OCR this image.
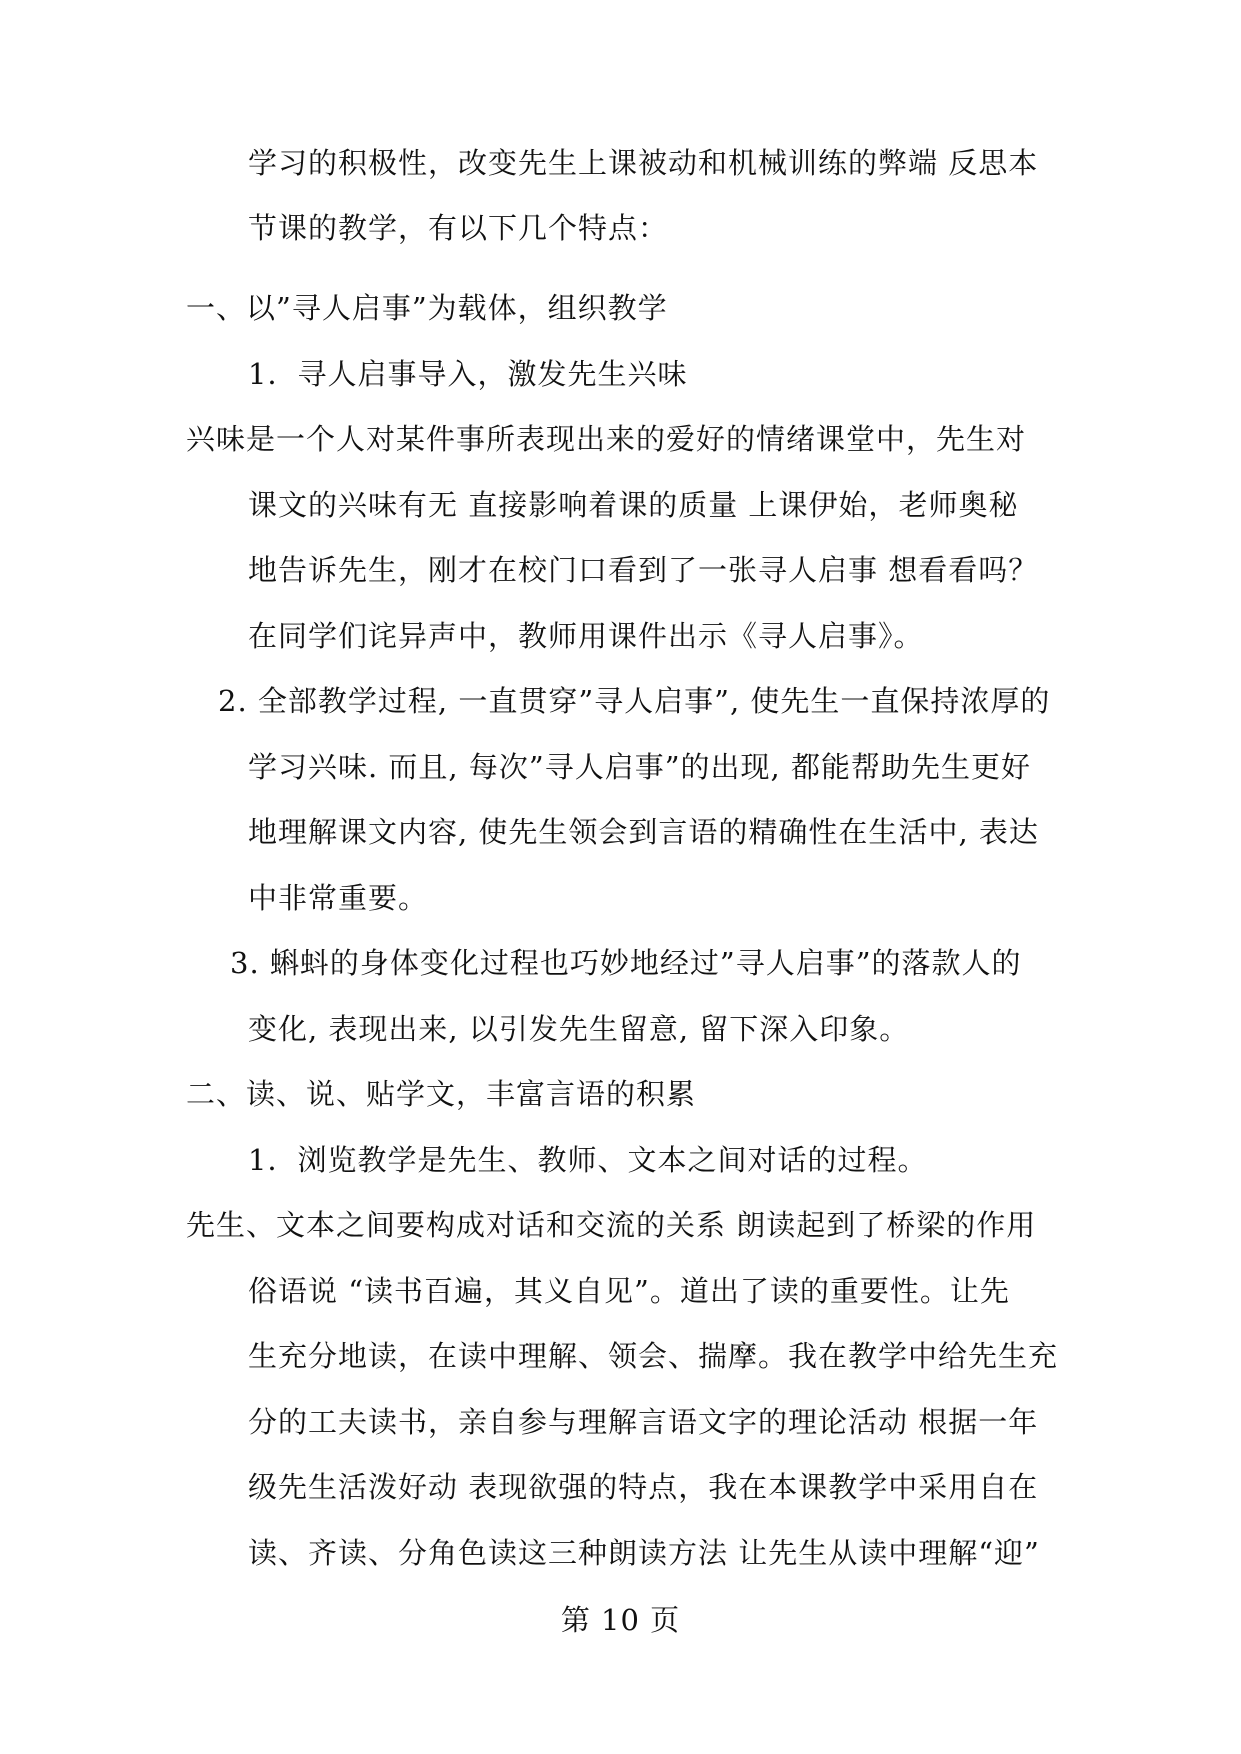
学习的积极性，改变先生上课被动和机械训练的弊端 反思本
节课的教学，有以下几个特点：
一、以”寻人启事”为载体，组织教学
1．寻人启事导入，激发先生兴味
兴味是一个人对某件事所表现出来的爱好的情绪课堂中，先生对
课文的兴味有无 直接影响着课的质量 上课伊始，老师奥秘
地告诉先生，刚才在校门口看到了一张寻人启事 想看看吗？
在同学们诧异声中，教师用课件出示《寻人启事》。
2. 全部教学过程, 一直贯穿”寻人启事”, 使先生一直保持浓厚的
学习兴味. 而且, 每次”寻人启事”的出现, 都能帮助先生更好
地理解课文内容, 使先生领会到言语的精确性在生活中, 表达
中非常重要。
3. 蝌蚪的身体变化过程也巧妙地经过”寻人启事”的落款人的
变化, 表现出来, 以引发先生留意, 留下深入印象。
二、读、说、贴学文，丰富言语的积累
1．浏览教学是先生、教师、文本之间对话的过程。
先生、文本之间要构成对话和交流的关系 朗读起到了桥梁的作用
俗语说 “读书百遍，其义自见”。道出了读的重要性。让先
生充分地读，在读中理解、领会、揣摩。我在教学中给先生充
分的工夫读书，亲自参与理解言语文字的理论活动 根据一年
级先生活泼好动 表现欲强的特点，我在本课教学中采用自在
读、齐读、分角色读这三种朗读方法 让先生从读中理解“迎”
第 10 页
